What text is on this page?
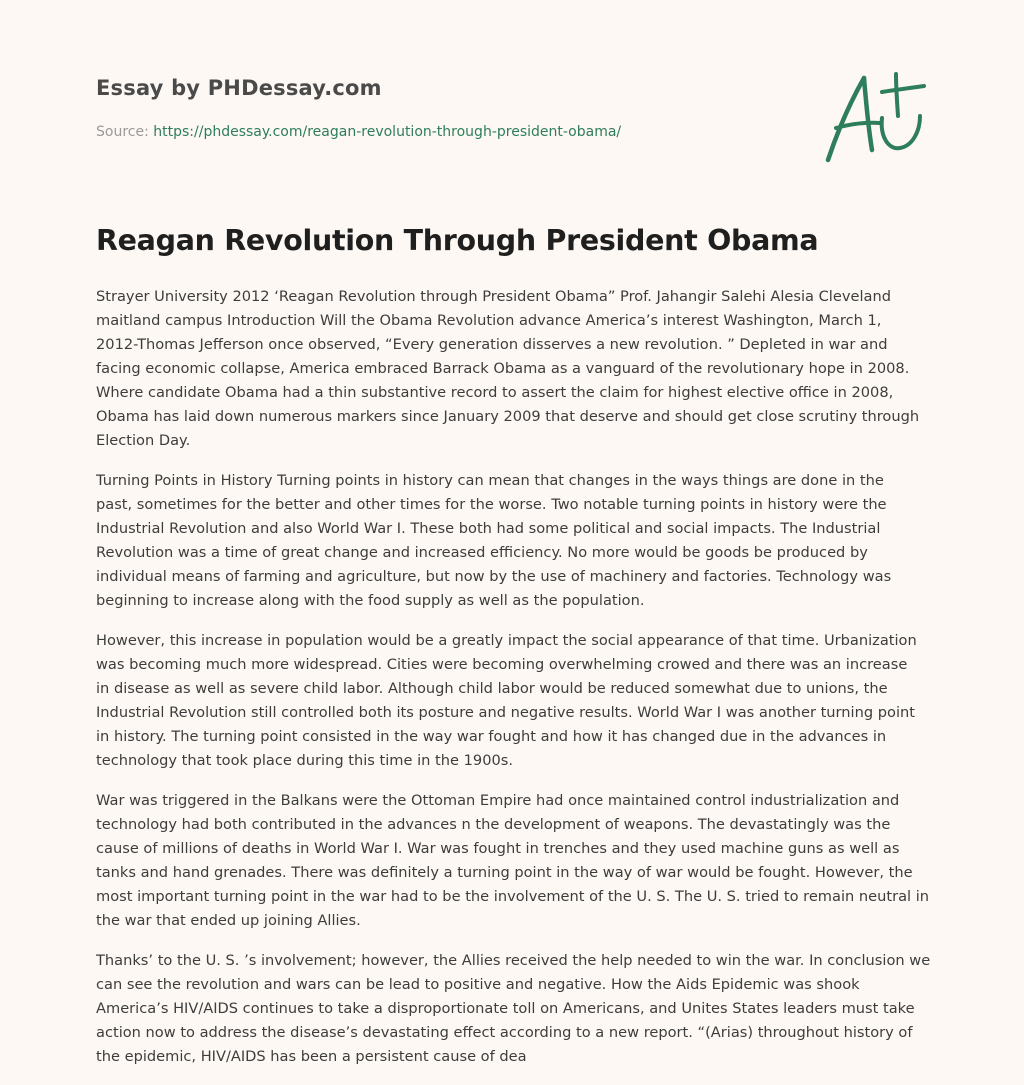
Essay by PHDessay.com
Source: https://phdessay.com/reagan-revolution-through-president-obama/
Reagan Revolution Through President Obama

Strayer University 2012 ‘Reagan Revolution through President Obama” Prof. Jahangir Salehi Alesia Cleveland
maitland campus Introduction Will the Obama Revolution advance America’s interest Washington, March 1,
2012-Thomas Jefferson once observed, “Every generation disserves a new revolution. ” Depleted in war and
facing economic collapse, America embraced Barrack Obama as a vanguard of the revolutionary hope in 2008.
Where candidate Obama had a thin substantive record to assert the claim for highest elective office in 2008,
Obama has laid down numerous markers since January 2009 that deserve and should get close scrutiny through
Election Day.

Turning Points in History Turning points in history can mean that changes in the ways things are done in the
past, sometimes for the better and other times for the worse. Two notable turning points in history were the
Industrial Revolution and also World War I. These both had some political and social impacts. The Industrial
Revolution was a time of great change and increased efficiency. No more would be goods be produced by
individual means of farming and agriculture, but now by the use of machinery and factories. Technology was
beginning to increase along with the food supply as well as the population.

However, this increase in population would be a greatly impact the social appearance of that time. Urbanization
was becoming much more widespread. Cities were becoming overwhelming crowed and there was an increase
in disease as well as severe child labor. Although child labor would be reduced somewhat due to unions, the
Industrial Revolution still controlled both its posture and negative results. World War I was another turning point
in history. The turning point consisted in the way war fought and how it has changed due in the advances in
technology that took place during this time in the 1900s.

War was triggered in the Balkans were the Ottoman Empire had once maintained control industrialization and
technology had both contributed in the advances n the development of weapons. The devastatingly was the
cause of millions of deaths in World War I. War was fought in trenches and they used machine guns as well as
tanks and hand grenades. There was definitely a turning point in the way of war would be fought. However, the
most important turning point in the war had to be the involvement of the U. S. The U. S. tried to remain neutral in
the war that ended up joining Allies.

Thanks’ to the U. S. ’s involvement; however, the Allies received the help needed to win the war. In conclusion we
can see the revolution and wars can be lead to positive and negative. How the Aids Epidemic was shook
America’s HIV/AIDS continues to take a disproportionate toll on Americans, and Unites States leaders must take
action now to address the disease’s devastating effect according to a new report. “(Arias) throughout history of
the epidemic, HIV/AIDS has been a persistent cause of dea
